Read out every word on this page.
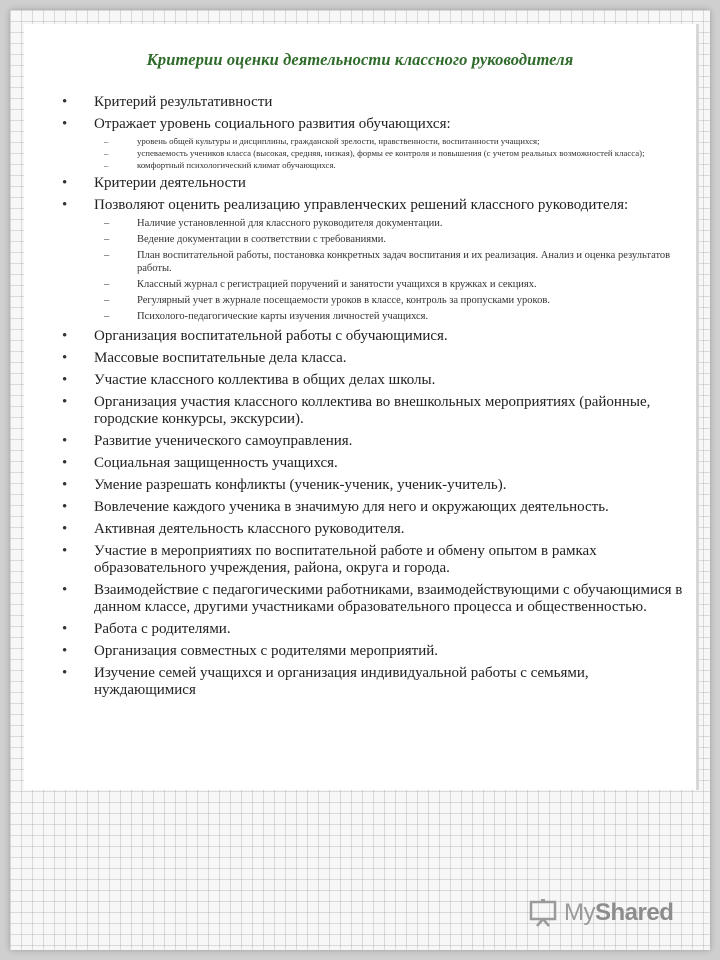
Критерии оценки деятельности классного руководителя
• Критерий результативности
• Отражает уровень социального развития обучающихся:
– уровень общей культуры и дисциплины, гражданской зрелости, нравственности, воспитанности учащихся;
– успеваемость учеников класса (высокая, средняя, низкая), формы ее контроля и повышения (с учетом реальных возможностей класса);
– комфортный психологический климат обучающихся.
• Критерии деятельности
• Позволяют оценить реализацию управленческих решений классного руководителя:
– Наличие установленной для классного руководителя документации.
– Ведение документации в соответствии с требованиями.
– План воспитательной работы, постановка конкретных задач воспитания и их реализация. Анализ и оценка результатов работы.
– Классный журнал с регистрацией поручений и занятости учащихся в кружках и секциях.
– Регулярный учет в журнале посещаемости уроков в классе, контроль за пропусками уроков.
– Психолого-педагогические карты изучения личностей учащихся.
• Организация воспитательной работы с обучающимися.
• Массовые воспитательные дела класса.
• Участие классного коллектива в общих делах школы.
• Организация участия классного коллектива во внешкольных мероприятиях (районные, городские конкурсы, экскурсии).
• Развитие ученического самоуправления.
• Социальная защищенность учащихся.
• Умение разрешать конфликты (ученик-ученик, ученик-учитель).
• Вовлечение каждого ученика в значимую для него и окружающих деятельность.
• Активная деятельность классного руководителя.
• Участие в мероприятиях по воспитательной работе и обмену опытом в рамках образовательного учреждения, района, округа и города.
• Взаимодействие с педагогическими работниками, взаимодействующими с обучающимися в данном классе, другими участниками образовательного процесса и общественностью.
• Работа с родителями.
• Организация совместных с родителями мероприятий.
• Изучение семей учащихся и организация индивидуальной работы с семьями, нуждающимися
MyShared
